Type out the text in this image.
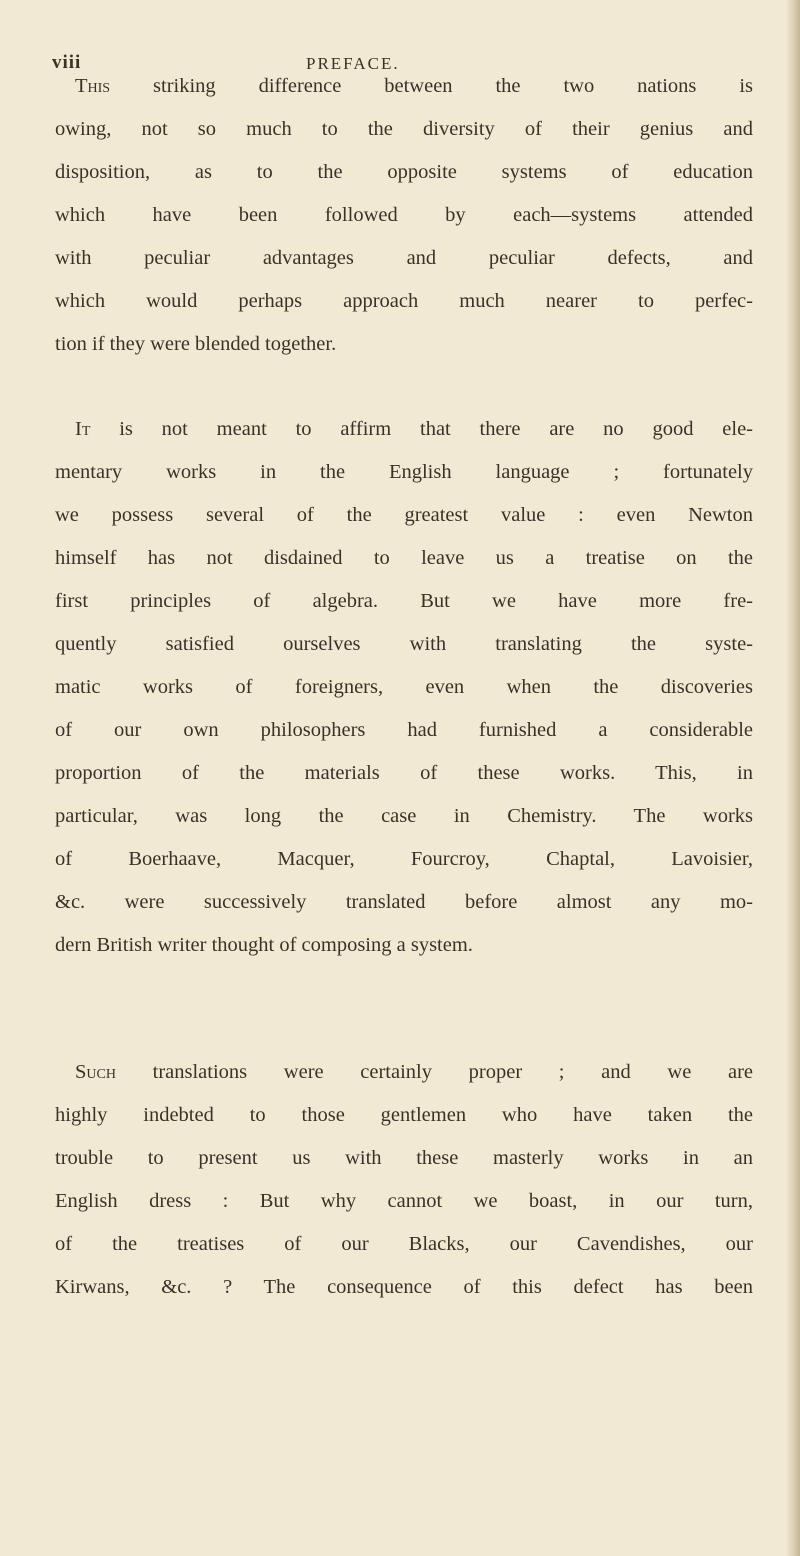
viii	PREFACE.
This striking difference between the two nations is
owing, not so much to the diversity of their genius and
disposition, as to the opposite systems of education
which have been followed by each—systems attended
with peculiar advantages and peculiar defects, and
which would perhaps approach much nearer to perfec-
tion if they were blended together.
It is not meant to affirm that there are no good ele-
mentary works in the English language ; fortunately
we possess several of the greatest value : even Newton
himself has not disdained to leave us a treatise on the
first principles of algebra. But we have more fre-
quently satisfied ourselves with translating the syste-
matic works of foreigners, even when the discoveries
of our own philosophers had furnished a considerable
proportion of the materials of these works. This, in
particular, was long the case in Chemistry. The works
of Boerhaave, Macquer, Fourcroy, Chaptal, Lavoisier,
&c. were successively translated before almost any mo-
dern British writer thought of composing a system.
Such translations were certainly proper ; and we are
highly indebted to those gentlemen who have taken the
trouble to present us with these masterly works in an
English dress : But why cannot we boast, in our turn,
of the treatises of our Blacks, our Cavendishes, our
Kirwans, &c. ? The consequence of this defect has been
